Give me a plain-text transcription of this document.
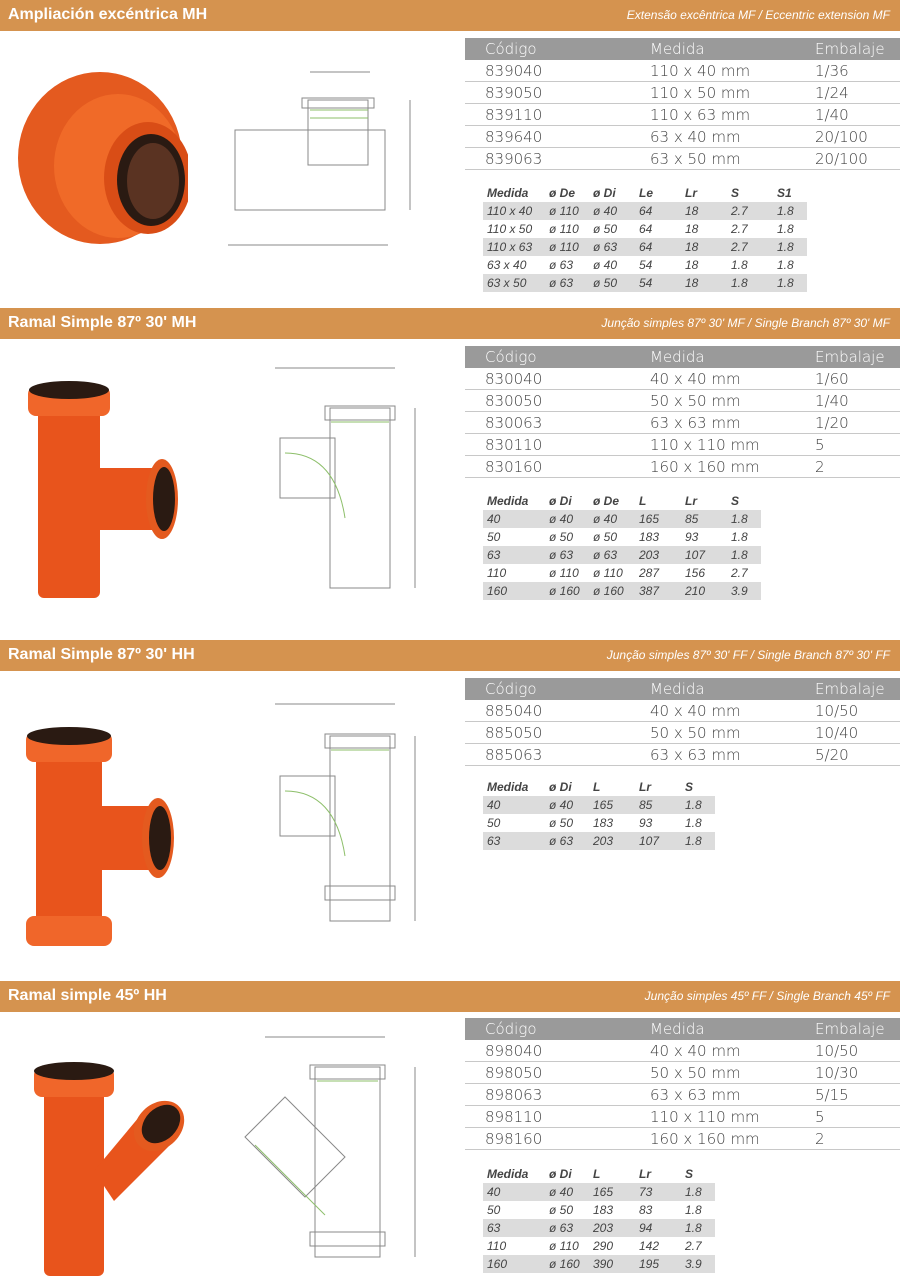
Ampliación excéntrica MH	Extensão excêntrica MF / Eccentric extension MF
Código	Medida	Embalaje
839040	110 x 40 mm	1/36
839050	110 x 50 mm	1/24
839110	110 x 63 mm	1/40
839640	63 x 40 mm	20/100
839063	63 x 50 mm	20/100
Medida	ø De	ø Di	Le	Lr	S	S1
110 x 40	ø 110	ø 40	64	18	2.7	1.8
110 x 50	ø 110	ø 50	64	18	2.7	1.8
110 x 63	ø 110	ø 63	64	18	2.7	1.8
63 x 40	ø 63	ø 40	54	18	1.8	1.8
63 x 50	ø 63	ø 50	54	18	1.8	1.8
Ramal Simple 87º 30' MH	Junção simples 87º 30' MF / Single Branch 87º 30' MF
Código	Medida	Embalaje
830040	40 x 40 mm	1/60
830050	50 x 50 mm	1/40
830063	63 x 63 mm	1/20
830110	110 x 110 mm	5
830160	160 x 160 mm	2
Medida	ø Di	ø De	L	Lr	S
40	ø 40	ø 40	165	85	1.8
50	ø 50	ø 50	183	93	1.8
63	ø 63	ø 63	203	107	1.8
110	ø 110	ø 110	287	156	2.7
160	ø 160	ø 160	387	210	3.9
Ramal Simple 87º 30' HH	Junção simples 87º 30' FF / Single Branch 87º 30' FF
Código	Medida	Embalaje
885040	40 x 40 mm	10/50
885050	50 x 50 mm	10/40
885063	63 x 63 mm	5/20
Medida	ø Di	L	Lr	S
40	ø 40	165	85	1.8
50	ø 50	183	93	1.8
63	ø 63	203	107	1.8
Ramal simple 45º HH	Junção simples 45º FF / Single Branch 45º FF
Código	Medida	Embalaje
898040	40 x 40 mm	10/50
898050	50 x 50 mm	10/30
898063	63 x 63 mm	5/15
898110	110 x 110 mm	5
898160	160 x 160 mm	2
Medida	ø Di	L	Lr	S
40	ø 40	165	73	1.8
50	ø 50	183	83	1.8
63	ø 63	203	94	1.8
110	ø 110	290	142	2.7
160	ø 160	390	195	3.9
